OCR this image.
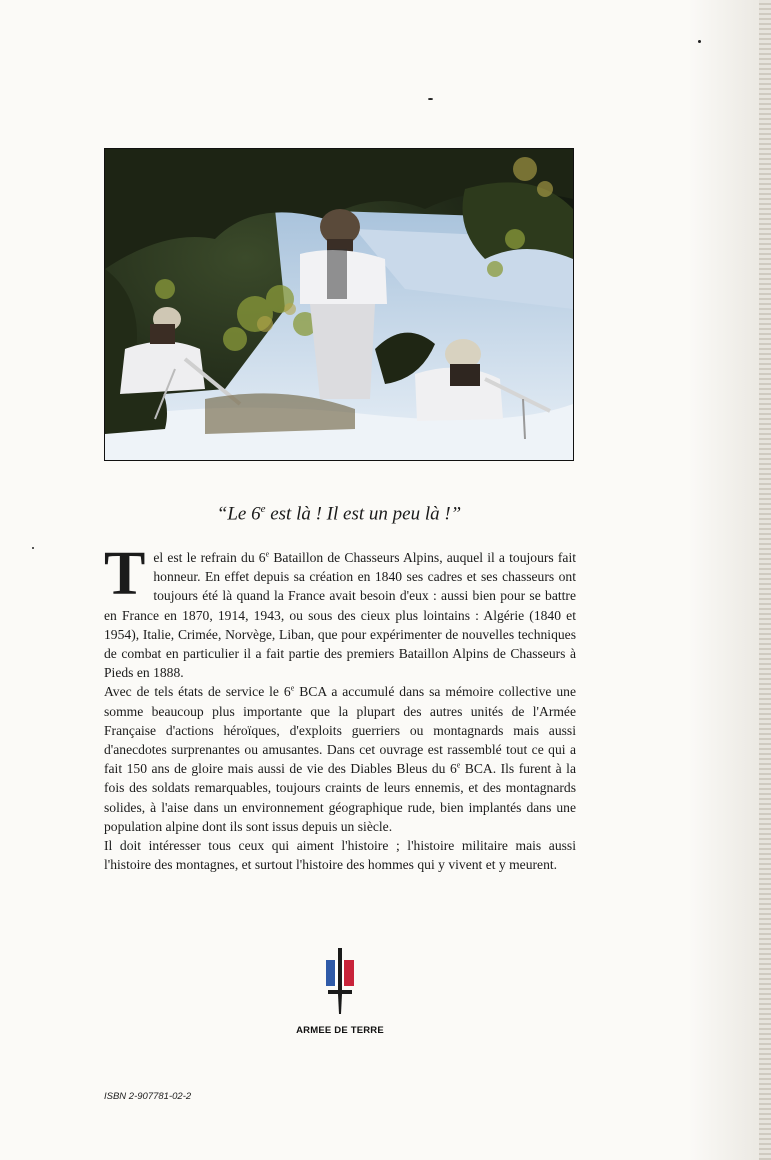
“Le 6e est là ! Il est un peu là !”

Tel est le refrain du 6e Bataillon de Chasseurs Alpins, auquel il a toujours fait honneur. En effet depuis sa création en 1840 ses cadres et ses chasseurs ont toujours été là quand la France avait besoin d'eux : aussi bien pour se battre en France en 1870, 1914, 1943, ou sous des cieux plus lointains : Algérie (1840 et 1954), Italie, Crimée, Norvège, Liban, que pour expérimenter de nouvelles techniques de combat en particulier il a fait partie des premiers Bataillon Alpins de Chasseurs à Pieds en 1888.

Avec de tels états de service le 6e BCA a accumulé dans sa mémoire collective une somme beaucoup plus importante que la plupart des autres unités de l'Armée Française d'actions héroïques, d'exploits guerriers ou montagnards mais aussi d'anecdotes surprenantes ou amusantes. Dans cet ouvrage est rassemblé tout ce qui a fait 150 ans de gloire mais aussi de vie des Diables Bleus du 6e BCA. Ils furent à la fois des soldats remarquables, toujours craints de leurs ennemis, et des montagnards solides, à l'aise dans un environnement géographique rude, bien implantés dans une population alpine dont ils sont issus depuis un siècle.

Il doit intéresser tous ceux qui aiment l'histoire ; l'histoire militaire mais aussi l'histoire des montagnes, et surtout l'histoire des hommes qui y vivent et y meurent.

ARMEE DE TERRE
ISBN 2-907781-02-2
